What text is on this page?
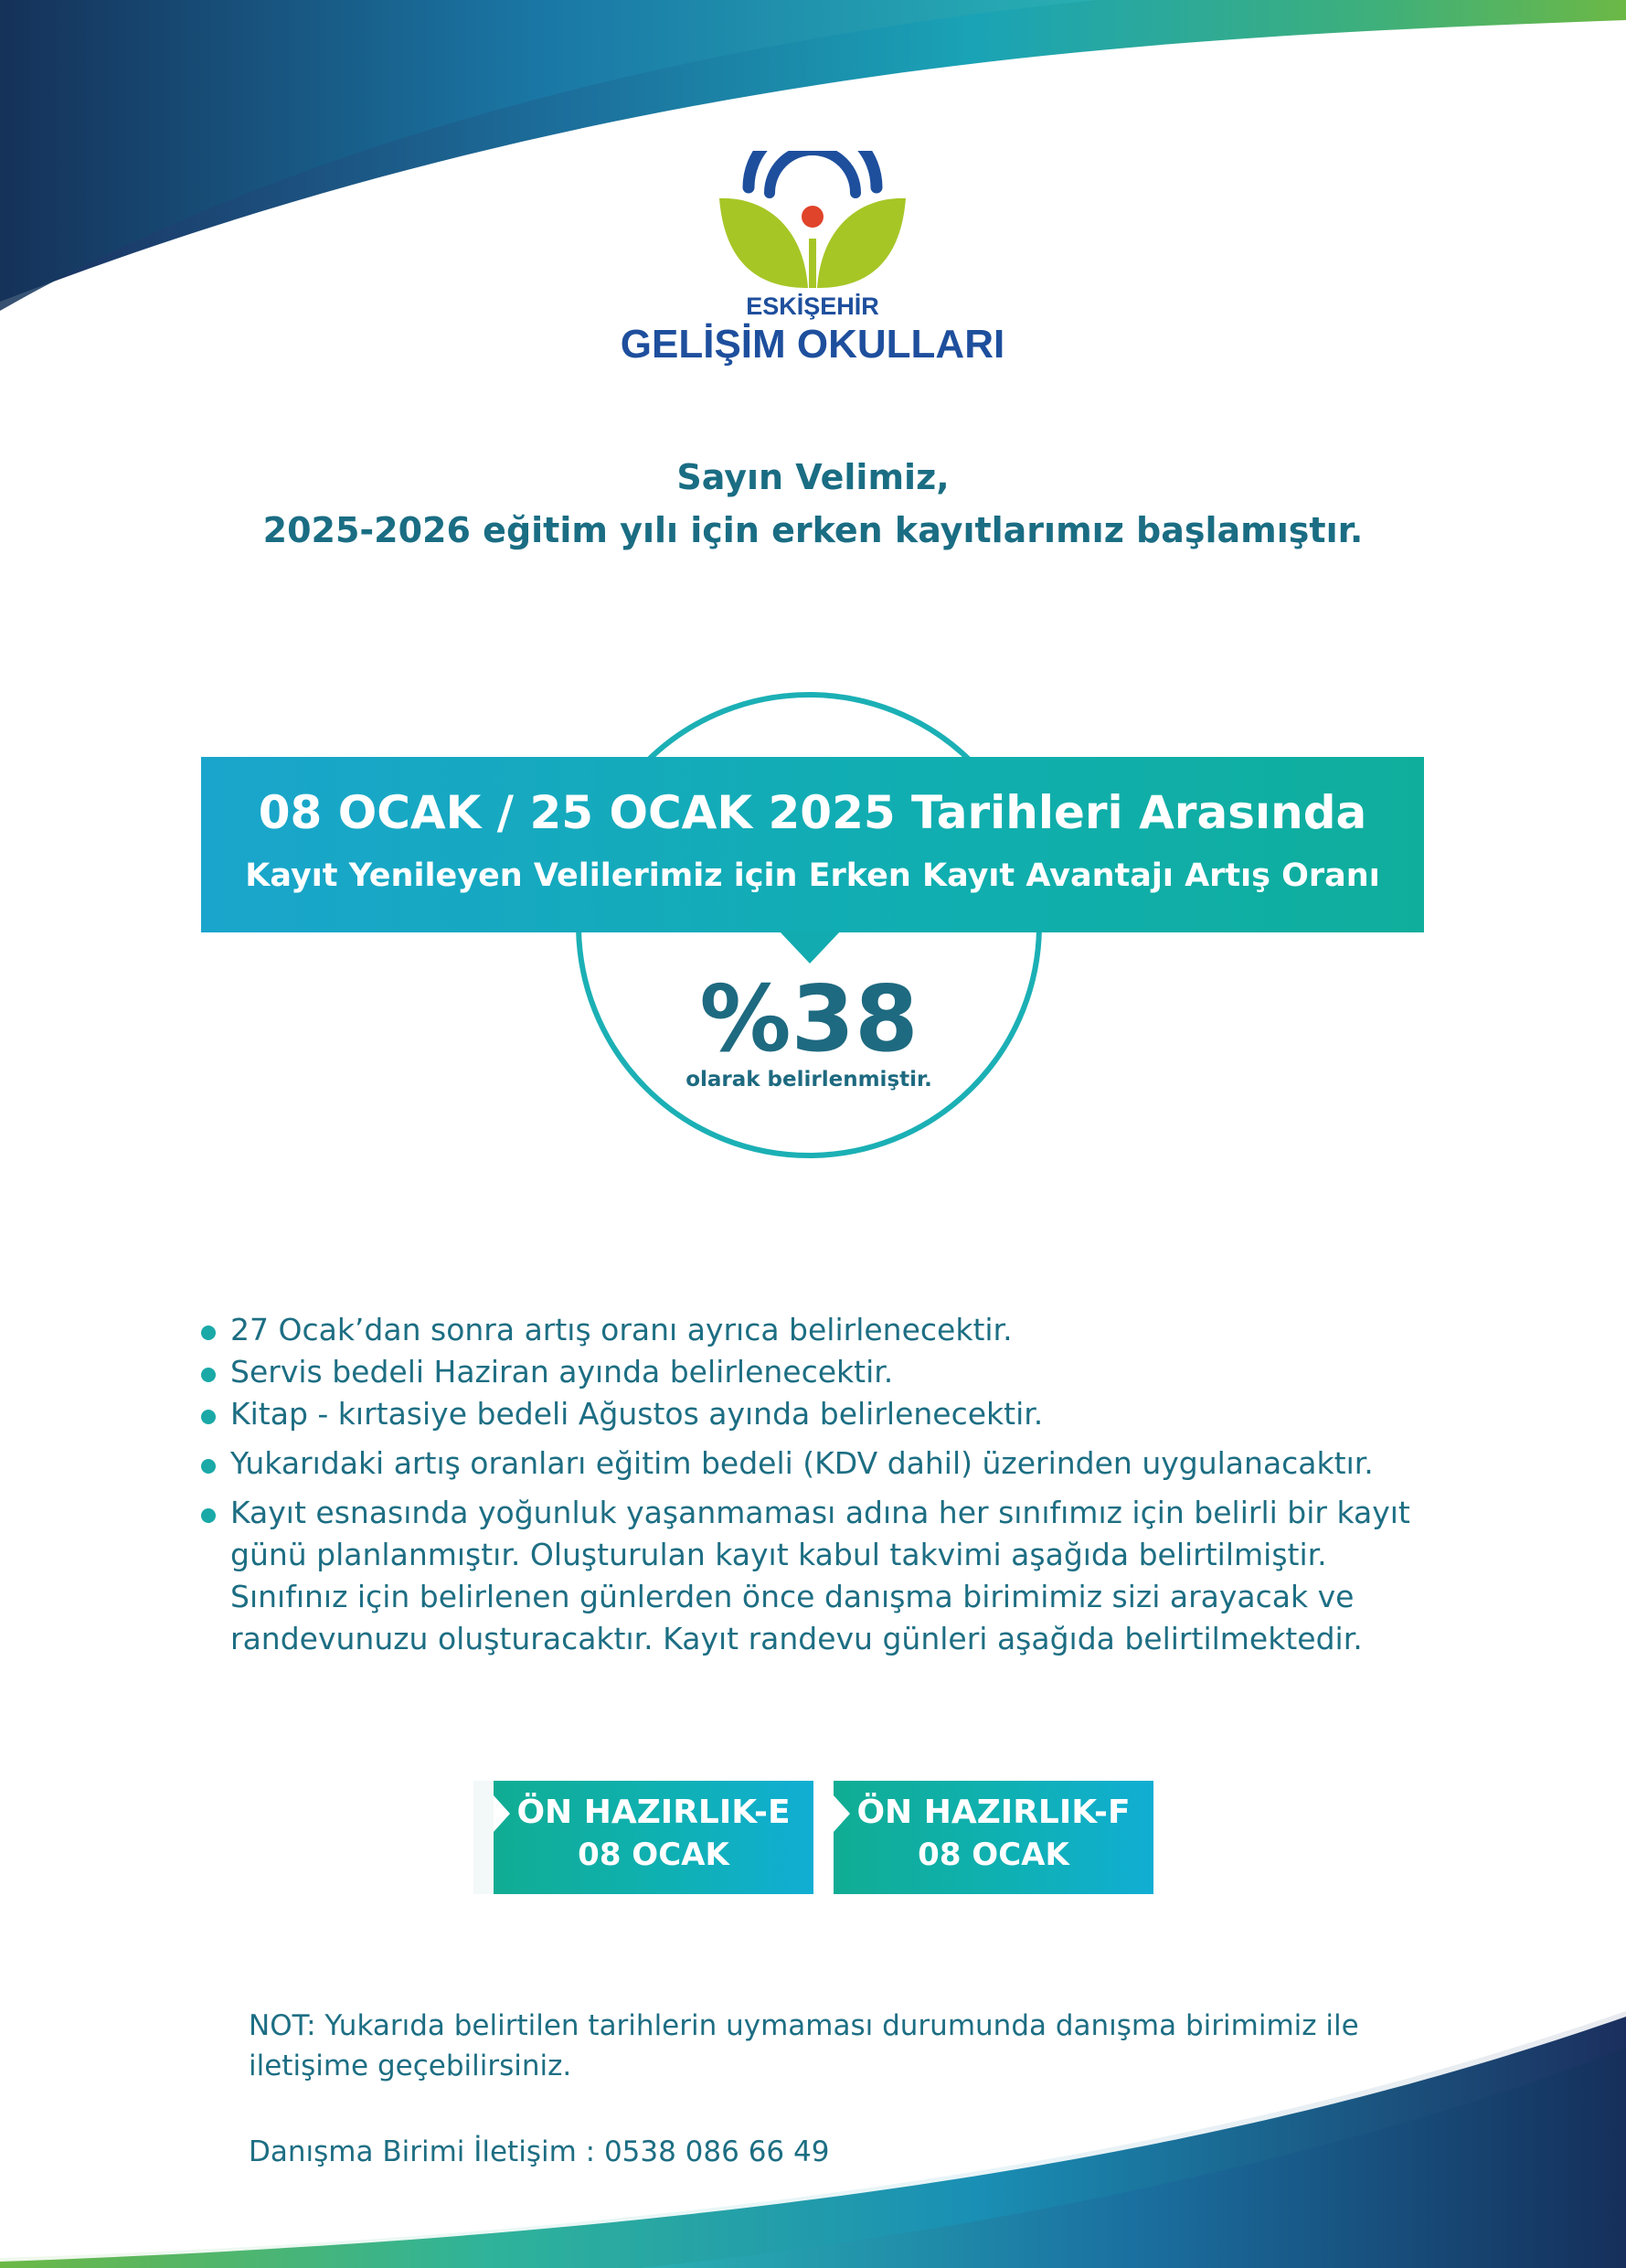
ESKİŞEHİR
GELİŞİM OKULLARI
Sayın Velimiz,
2025-2026 eğitim yılı için erken kayıtlarımız başlamıştır.
08 OCAK / 25 OCAK 2025 Tarihleri Arasında
Kayıt Yenileyen Velilerimiz için Erken Kayıt Avantajı Artış Oranı
%38
olarak belirlenmiştir.
27 Ocak’dan sonra artış oranı ayrıca belirlenecektir.
Servis bedeli Haziran ayında belirlenecektir.
Kitap - kırtasiye bedeli Ağustos ayında belirlenecektir.
Yukarıdaki artış oranları eğitim bedeli (KDV dahil) üzerinden uygulanacaktır.
Kayıt esnasında yoğunluk yaşanmaması adına her sınıfımız için belirli bir kayıt günü planlanmıştır. Oluşturulan kayıt kabul takvimi aşağıda belirtilmiştir. Sınıfınız için belirlenen günlerden önce danışma birimimiz sizi arayacak ve randevunuzu oluşturacaktır. Kayıt randevu günleri aşağıda belirtilmektedir.
ÖN HAZIRLIK-E
08 OCAK
ÖN HAZIRLIK-F
08 OCAK
NOT: Yukarıda belirtilen tarihlerin uymaması durumunda danışma birimimiz ile iletişime geçebilirsiniz.
Danışma Birimi İletişim : 0538 086 66 49
